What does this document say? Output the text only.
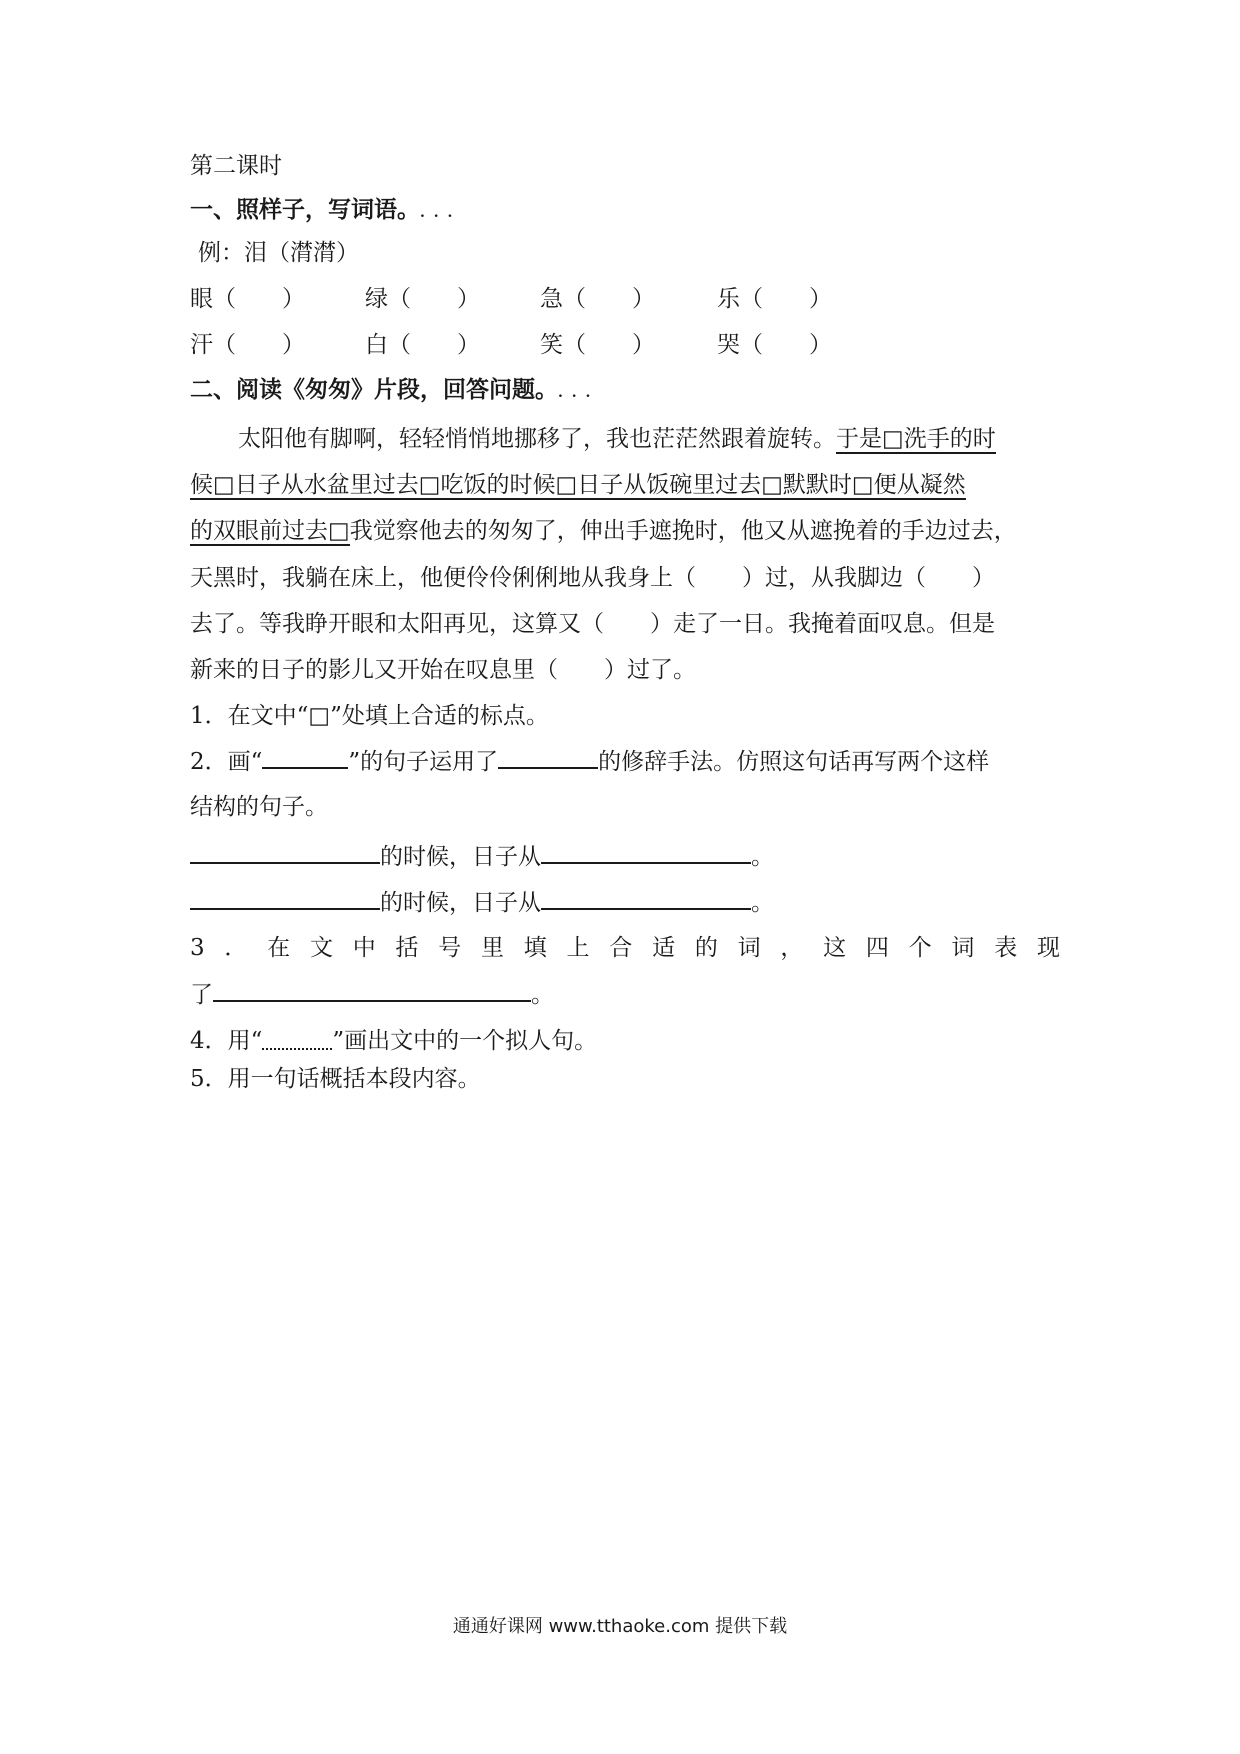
第二课时
一、照样子，写词语。. . .
例：泪（潸潸）
眼（　　）	绿（　　）	急（　　）	乐（　　）
汗（　　）	白（　　）	笑（　　）	哭（　　）
二、阅读《匆匆》片段，回答问题。. . .
太阳他有脚啊，轻轻悄悄地挪移了，我也茫茫然跟着旋转。于是□洗手的时
候□日子从水盆里过去□吃饭的时候□日子从饭碗里过去□默默时□便从凝然
的双眼前过去□我觉察他去的匆匆了，伸出手遮挽时，他又从遮挽着的手边过去，
天黑时，我躺在床上，他便伶伶俐俐地从我身上（　　）过，从我脚边（　　）
去了。等我睁开眼和太阳再见，这算又（　　）走了一日。我掩着面叹息。但是
新来的日子的影儿又开始在叹息里（　　）过了。
1．在文中“□”处填上合适的标点。
2．画“	”的句子运用了	的修辞手法。仿照这句话再写两个这样
结构的句子。
的时候，日子从	。
的时候，日子从	。
3 ． 在 文 中 括 号 里 填 上 合 适 的 词 ， 这 四 个 词 表 现
了	。
4．用“	”画出文中的一个拟人句。
5．用一句话概括本段内容。
通通好课网 www.tthaoke.com 提供下载
